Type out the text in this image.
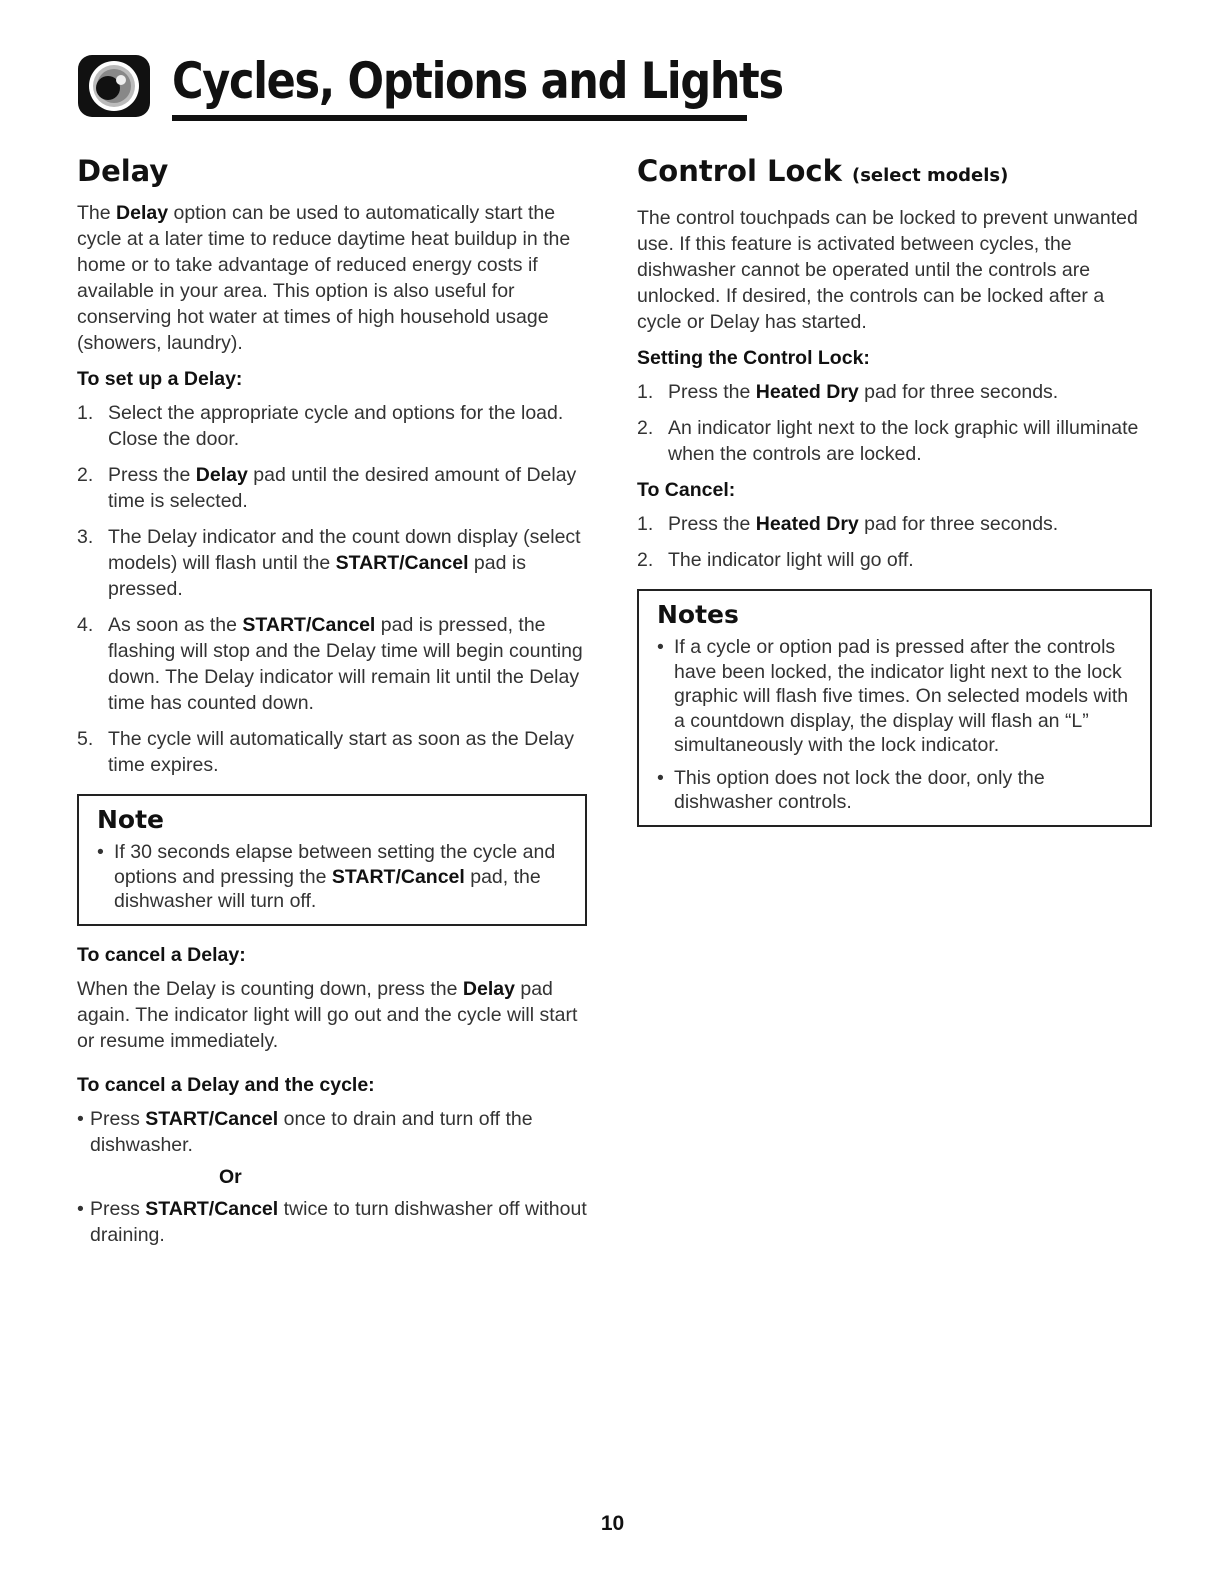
Cycles, Options and Lights
Delay

The Delay option can be used to automatically start the cycle at a later time to reduce daytime heat buildup in the home or to take advantage of reduced energy costs if available in your area. This option is also useful for conserving hot water at times of high household usage (showers, laundry).

To set up a Delay:
1. Select the appropriate cycle and options for the load. Close the door.
2. Press the Delay pad until the desired amount of Delay time is selected.
3. The Delay indicator and the count down display (select models) will flash until the START/Cancel pad is pressed.
4. As soon as the START/Cancel pad is pressed, the flashing will stop and the Delay time will begin counting down. The Delay indicator will remain lit until the Delay time has counted down.
5. The cycle will automatically start as soon as the Delay time expires.
Note
• If 30 seconds elapse between setting the cycle and options and pressing the START/Cancel pad, the dishwasher will turn off.
To cancel a Delay:

When the Delay is counting down, press the Delay pad again. The indicator light will go out and the cycle will start or resume immediately.

To cancel a Delay and the cycle:
• Press START/Cancel once to drain and turn off the dishwasher.
Or
• Press START/Cancel twice to turn dishwasher off without draining.
Control Lock (select models)

The control touchpads can be locked to prevent unwanted use. If this feature is activated between cycles, the dishwasher cannot be operated until the controls are unlocked. If desired, the controls can be locked after a cycle or Delay has started.

Setting the Control Lock:
1. Press the Heated Dry pad for three seconds.
2. An indicator light next to the lock graphic will illuminate when the controls are locked.
To Cancel:
1. Press the Heated Dry pad for three seconds.
2. The indicator light will go off.
Notes
• If a cycle or option pad is pressed after the controls have been locked, the indicator light next to the lock graphic will flash five times. On selected models with a countdown display, the display will flash an “L” simultaneously with the lock indicator.
• This option does not lock the door, only the dishwasher controls.
10
